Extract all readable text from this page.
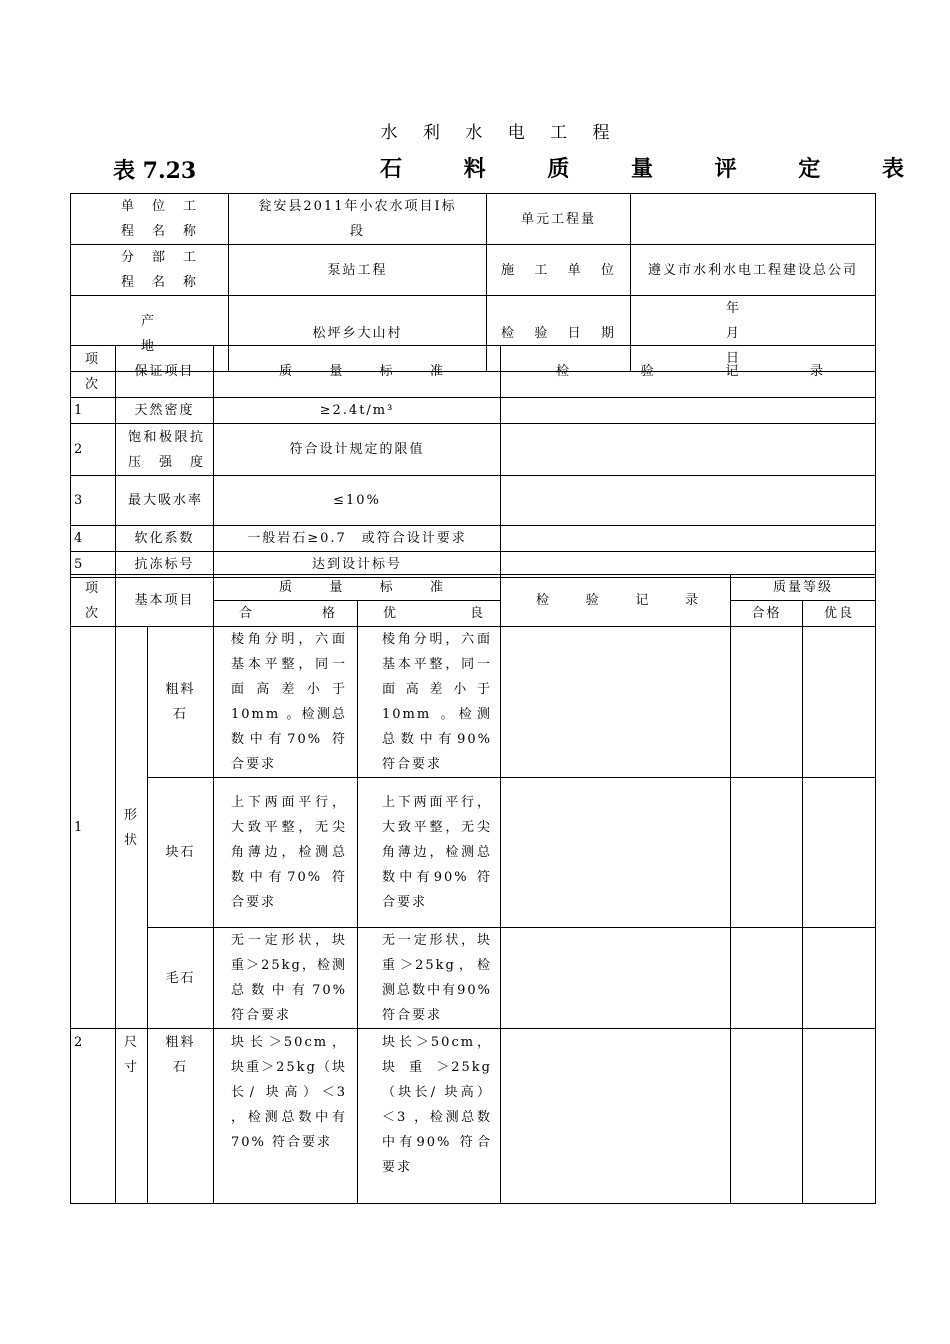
水 利 水 电 工 程
表 7.23	石 料 质 量 评 定 表
单 位 工 程 名 称	瓮安县2011年小农水项目Ⅰ标段	单元工程量	
分 部 工 程 名 称	泵站工程	施 工 单 位	遵义市水利水电工程建设总公司
产 地	松坪乡大山村	检 验 日 期	年 月 日
项 次	保证项目	质 量 标 准	检 验 记 录
1	天然密度	≥2.4t/m³	
2	饱和极限抗压强度	符合设计规定的限值	
3	最大吸水率	≤10%	
4	软化系数	一般岩石≥0.7　或符合设计要求	
5	抗冻标号	达到设计标号	
项 次	基本项目		质 量 标 准		检 验 记 录	质量等级	
			合 格	优 良		合格	优良
1	形状	粗料石	棱角分明，六面基本平整，同一面高差小于10mm 。检测总数中有70% 符合要求	棱角分明，六面基本平整，同一面高差小于10mm 。检测总数中有90% 符合要求			
		块石	上下两面平行，大致平整，无尖角薄边，检测总数中有70% 符合要求	上下两面平行，大致平整，无尖角薄边，检测总数中有90% 符合要求			
		毛石	无一定形状，块重＞25kg，检测总数中有70% 符合要求	无一定形状，块重＞25kg，检测总数中有90% 符合要求			
2	尺寸	粗料石	块长＞50cm，块重＞25kg（块长/ 块高）＜3 ，检测总数中有70% 符合要求	块长＞50cm，块重＞25kg（块长/ 块高）＜3 ，检测总数中有90% 符合要求			
